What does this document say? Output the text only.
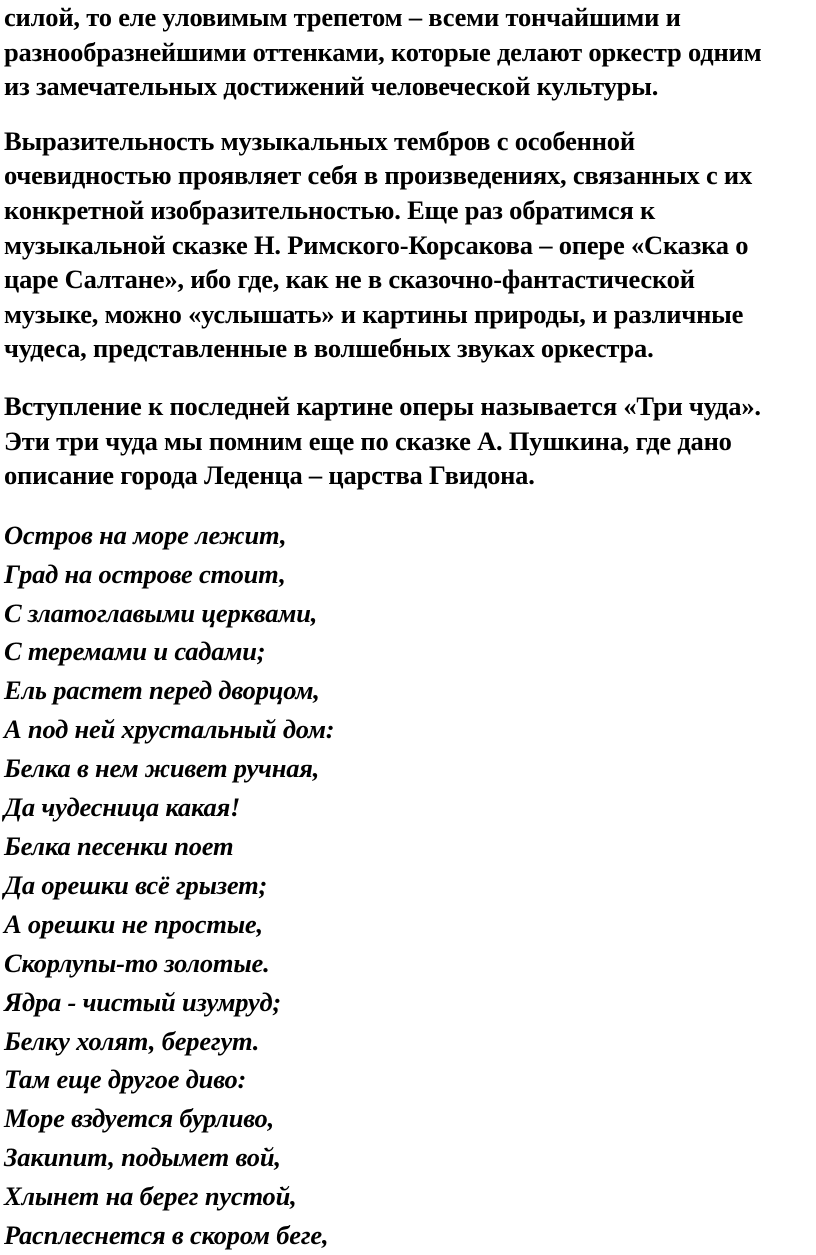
силой, то еле уловимым трепетом – всеми тончайшими и
разнообразнейшими оттенками, которые делают оркестр одним
из замечательных достижений человеческой культуры.
Выразительность музыкальных тембров с особенной
очевидностью проявляет себя в произведениях, связанных с их
конкретной изобразительностью. Еще раз обратимся к
музыкальной сказке Н. Римского-Корсакова – опере «Сказка о
царе Салтане», ибо где, как не в сказочно-фантастической
музыке, можно «услышать» и картины природы, и различные
чудеса, представленные в волшебных звуках оркестра.
Вступление к последней картине оперы называется «Три чуда».
Эти три чуда мы помним еще по сказке А. Пушкина, где дано
описание города Леденца – царства Гвидона.
Остров на море лежит,
Град на острове стоит,
С златоглавыми церквами,
С теремами и садами;
Ель растет перед дворцом,
А под ней хрустальный дом:
Белка в нем живет ручная,
Да чудесница какая!
Белка песенки поет
Да орешки всё грызет;
А орешки не простые,
Скорлупы-то золотые.
Ядра - чистый изумруд;
Белку холят, берегут.
Там еще другое диво:
Море вздуется бурливо,
Закипит, подымет вой,
Хлынет на берег пустой,
Расплеснется в скором беге,
